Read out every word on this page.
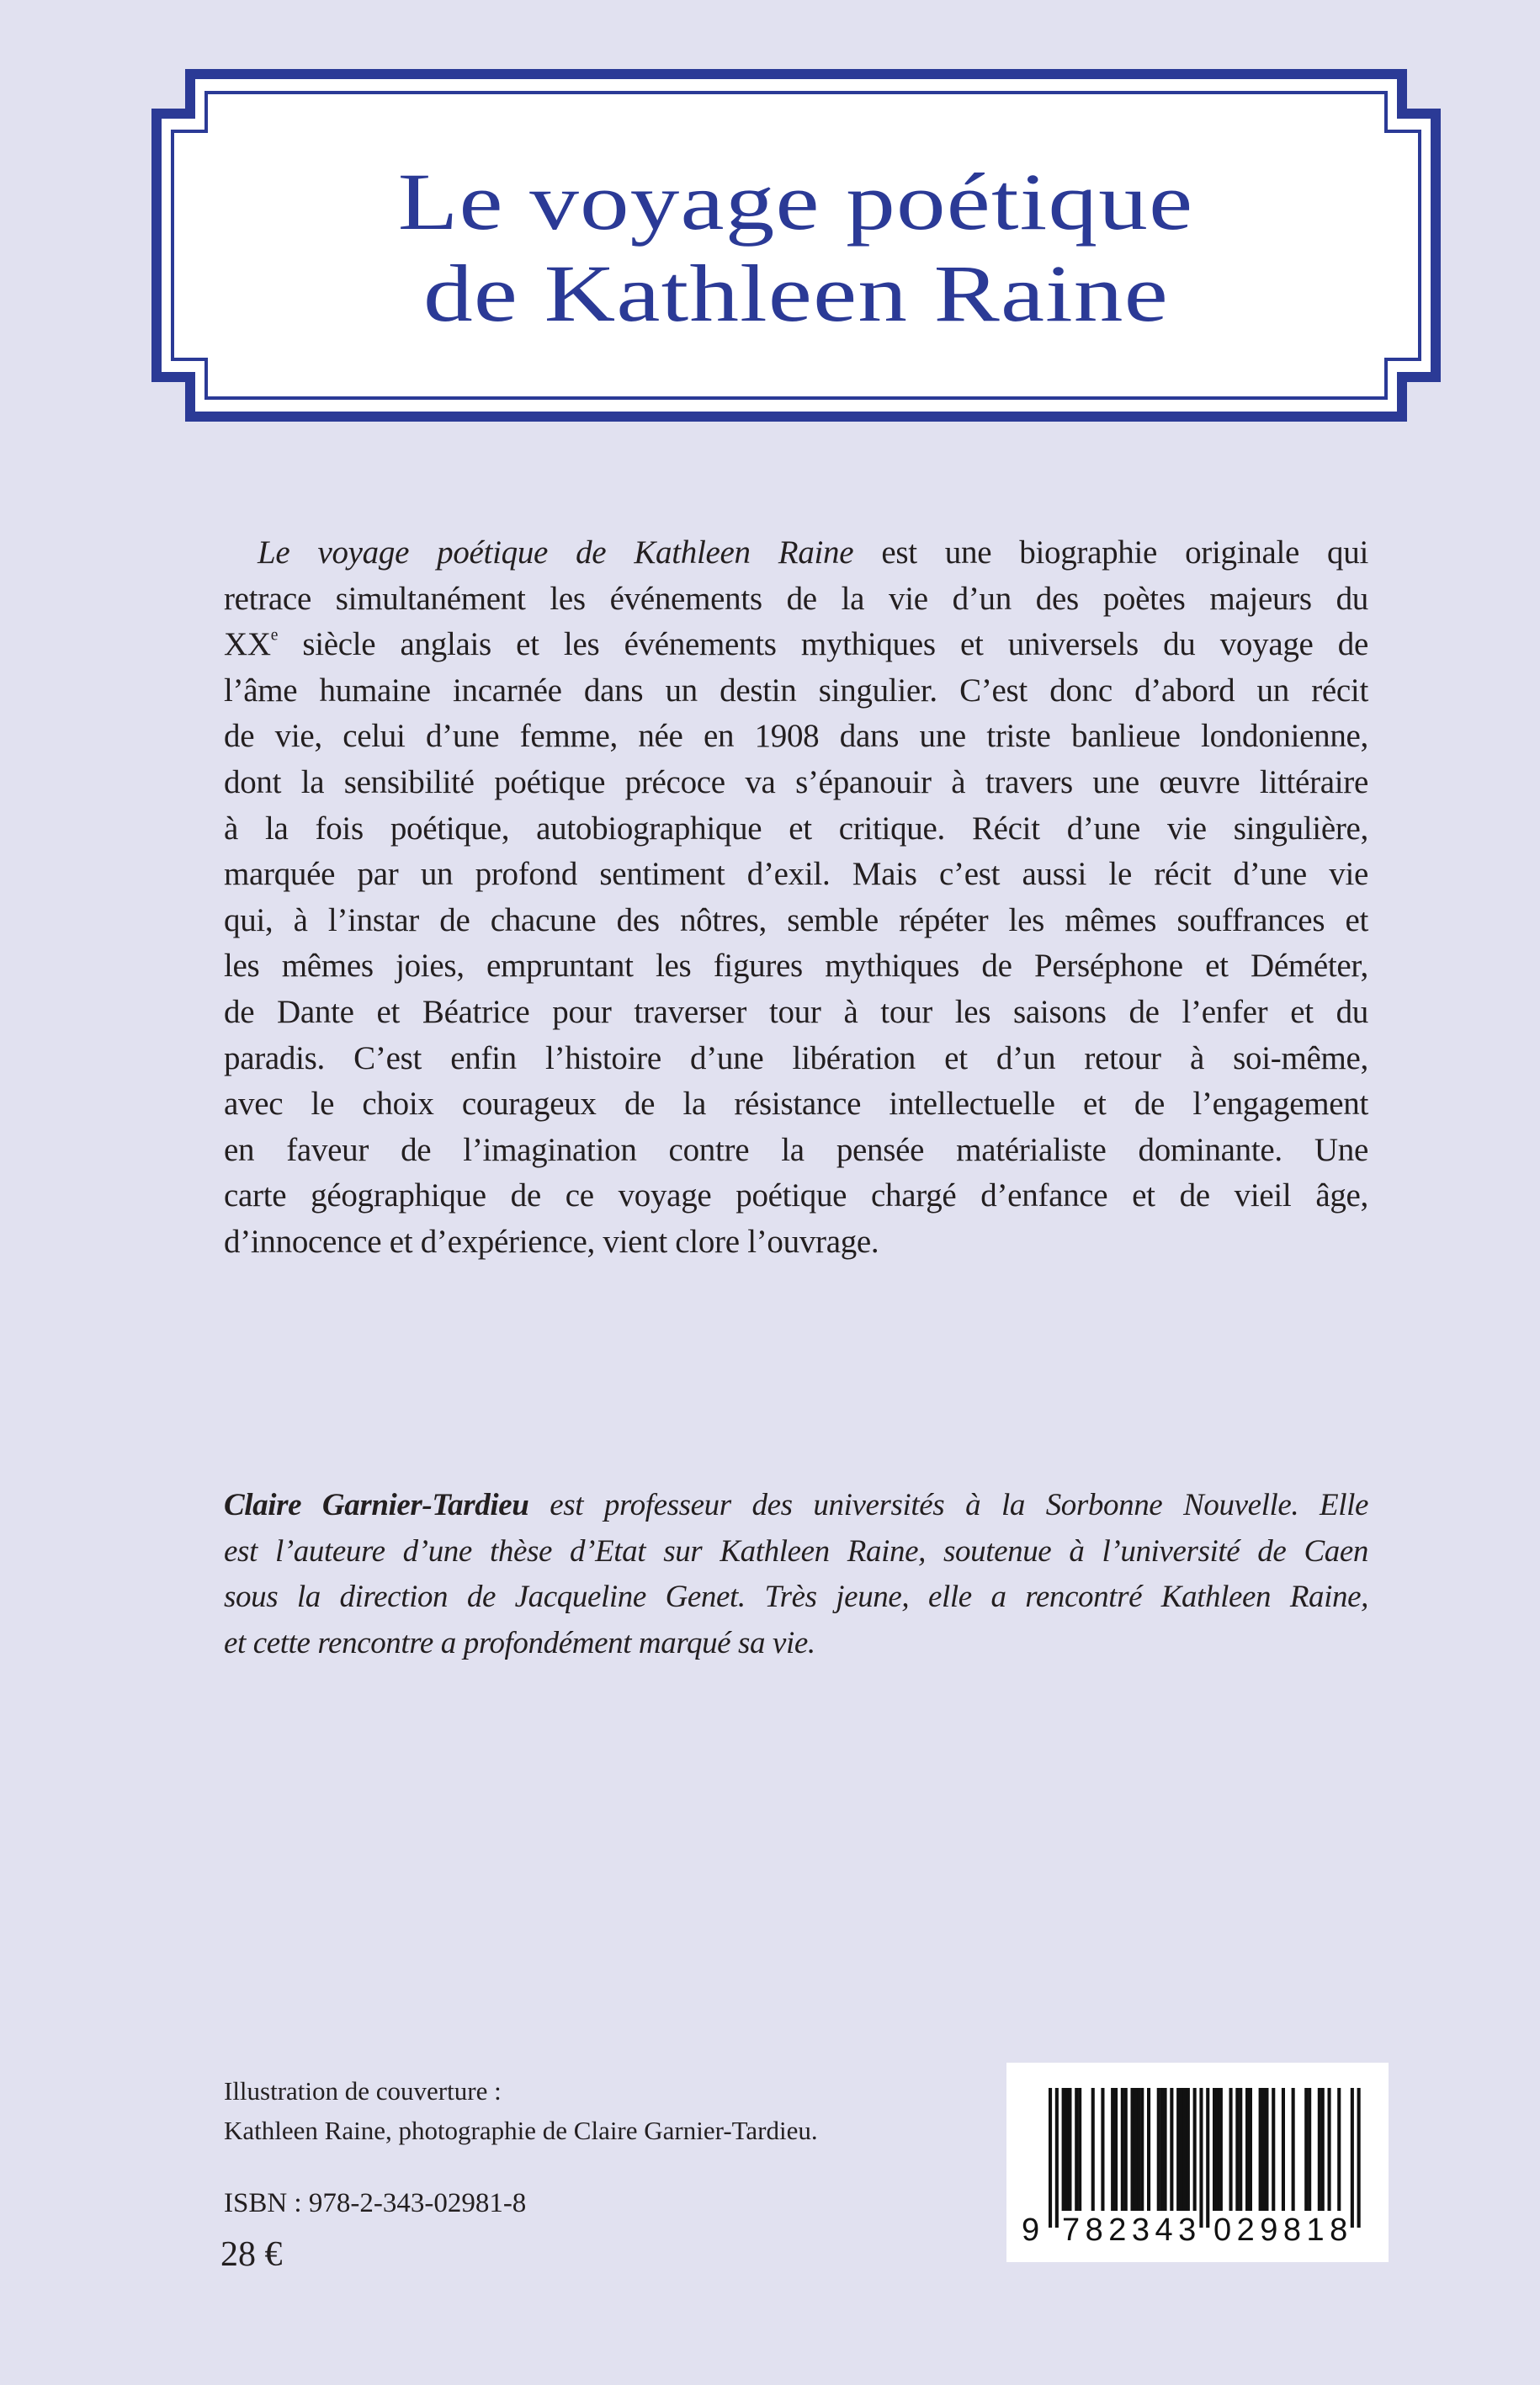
Le voyage poétique
de Kathleen Raine
Le voyage poétique de Kathleen Raine est une biographie originale qui
retrace simultanément les événements de la vie d’un des poètes majeurs du
XXe siècle anglais et les événements mythiques et universels du voyage de
l’âme humaine incarnée dans un destin singulier. C’est donc d’abord un récit
de vie, celui d’une femme, née en 1908 dans une triste banlieue londonienne,
dont la sensibilité poétique précoce va s’épanouir à travers une œuvre littéraire
à la fois poétique, autobiographique et critique. Récit d’une vie singulière,
marquée par un profond sentiment d’exil. Mais c’est aussi le récit d’une vie
qui, à l’instar de chacune des nôtres, semble répéter les mêmes souffrances et
les mêmes joies, empruntant les figures mythiques de Perséphone et Déméter,
de Dante et Béatrice pour traverser tour à tour les saisons de l’enfer et du
paradis. C’est enfin l’histoire d’une libération et d’un retour à soi-même,
avec le choix courageux de la résistance intellectuelle et de l’engagement
en faveur de l’imagination contre la pensée matérialiste dominante. Une
carte géographique de ce voyage poétique chargé d’enfance et de vieil âge,
d’innocence et d’expérience, vient clore l’ouvrage.
Claire Garnier-Tardieu est professeur des universités à la Sorbonne Nouvelle. Elle
est l’auteure d’une thèse d’Etat sur Kathleen Raine, soutenue à l’université de Caen
sous la direction de Jacqueline Genet. Très jeune, elle a rencontré Kathleen Raine,
et cette rencontre a profondément marqué sa vie.
Illustration de couverture :
Kathleen Raine, photographie de Claire Garnier-Tardieu.
ISBN : 978-2-343-02981-8
28 €
9 782343 029818
